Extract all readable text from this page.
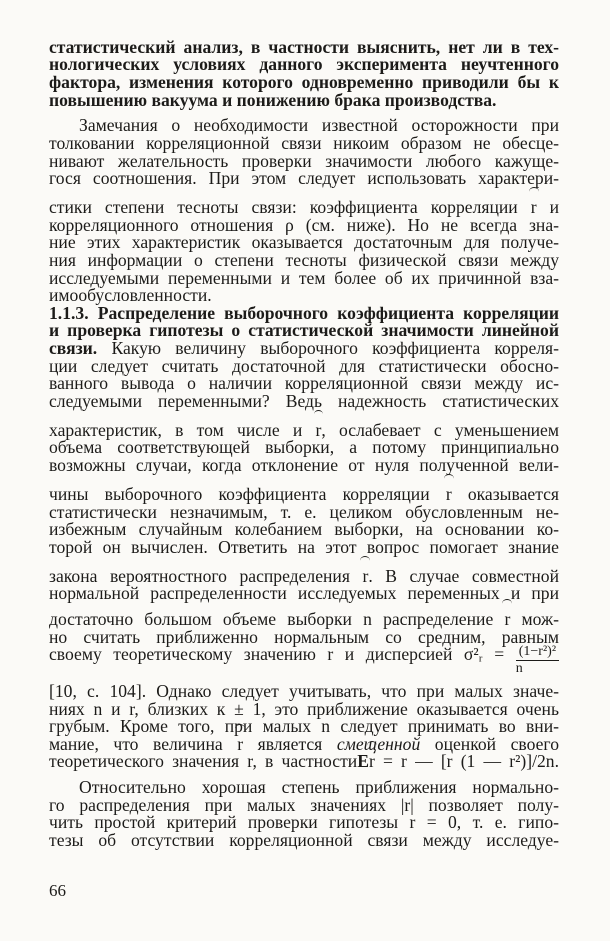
статистический анализ, в частности выяснить, нет ли в тех-
нологических условиях данного эксперимента неучтенного
фактора, изменения которого одновременно приводили бы к
повышению вакуума и понижению брака производства.
Замечания о необходимости известной осторожности при
толковании корреляционной связи никоим образом не обесце-
нивают желательность проверки значимости любого кажуще-
гося соотношения. При этом следует использовать характери-
стики степени тесноты связи: коэффициента корреляции r и
корреляционного отношения ρ (см. ниже). Но не всегда зна-
ние этих характеристик оказывается достаточным для получе-
ния информации о степени тесноты физической связи между
исследуемыми переменными и тем более об их причинной вза-
имообусловленности.
1.1.3. Распределение выборочного коэффициента корреляции
и проверка гипотезы о статистической значимости линейной
связи. Какую величину выборочного коэффициента корреля-
ции следует считать достаточной для статистически обосно-
ванного вывода о наличии корреляционной связи между ис-
следуемыми переменными? Ведь надежность статистических
характеристик, в том числе и r, ослабевает с уменьшением
объема соответствующей выборки, а потому принципиально
возможны случаи, когда отклонение от нуля полученной вели-
чины выборочного коэффициента корреляции r оказывается
статистически незначимым, т. е. целиком обусловленным не-
избежным случайным колебанием выборки, на основании ко-
торой он вычислен. Ответить на этот вопрос помогает знание
закона вероятностного распределения r. В случае совместной
нормальной распределенности исследуемых переменных и при
достаточно большом объеме выборки n распределение r мож-
но считать приближенно нормальным со средним, равным
своему теоретическому значению r и дисперсией σ²ᵣ = $\frac{\text{(1−r²)²}}{n}$
[10, с. 104]. Однако следует учитывать, что при малых значе-
ниях n и r, близких к ± 1, это приближение оказывается очень
грубым. Кроме того, при малых n следует принимать во вни-
мание, что величина r является смещенной оценкой своего
теоретического значения r, в частностиEr = r — [r (1 — r²)]/2n.
Относительно хорошая степень приближения нормально-
го распределения при малых значениях |r| позволяет полу-
чить простой критерий проверки гипотезы r = 0, т. е. гипо-
тезы об отсутствии корреляционной связи между исследуе-
66
